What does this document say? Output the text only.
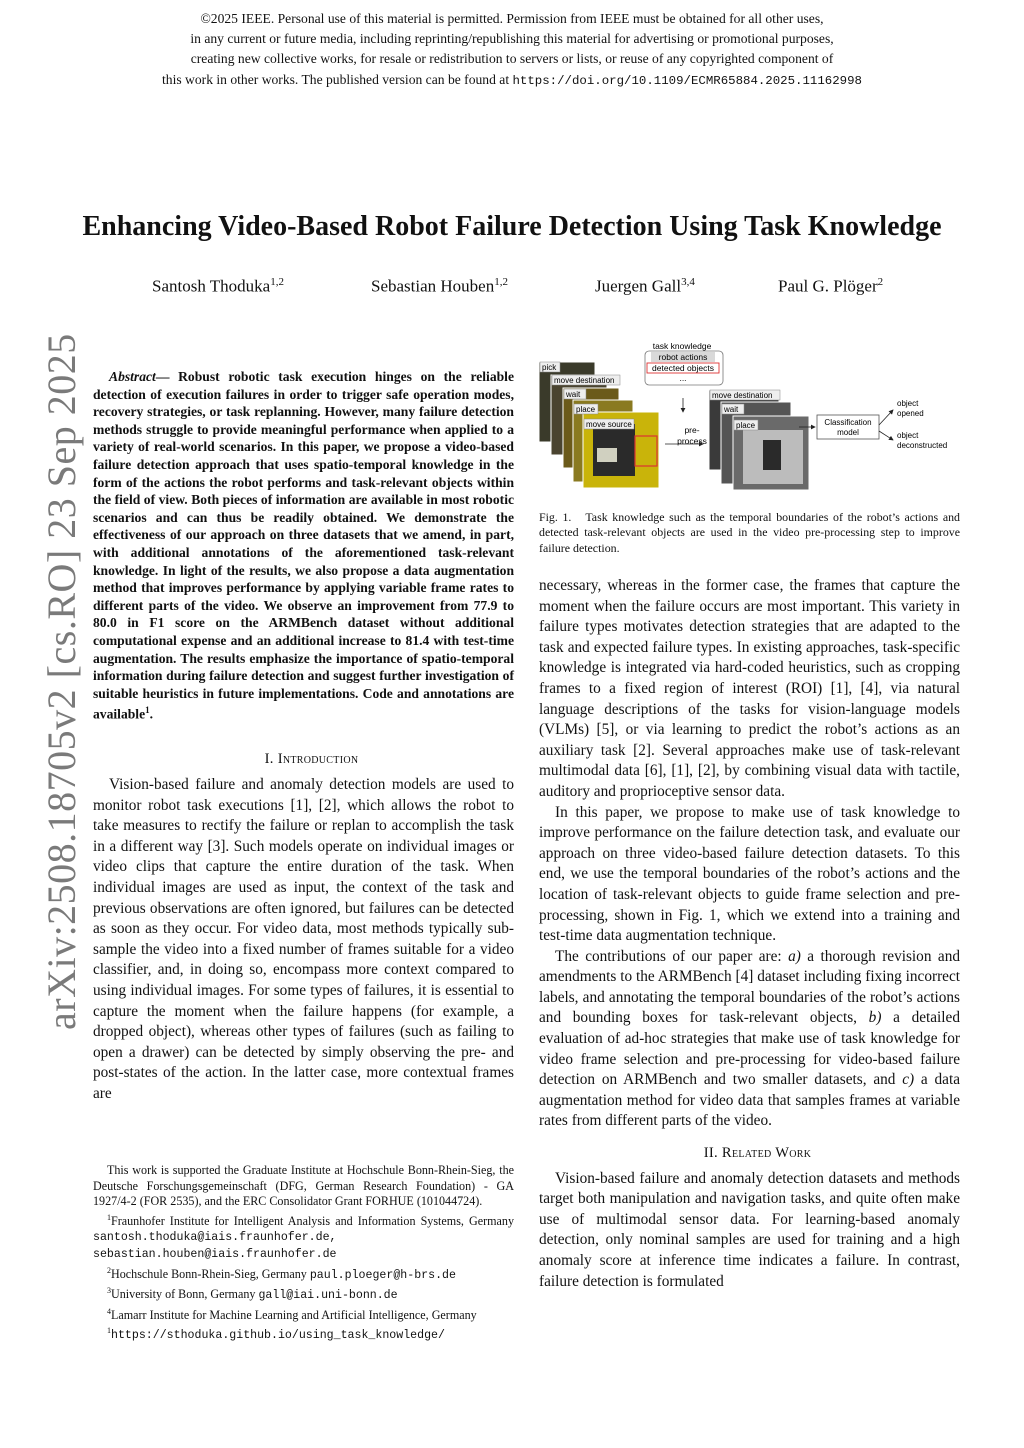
©2025 IEEE. Personal use of this material is permitted. Permission from IEEE must be obtained for all other uses,
in any current or future media, including reprinting/republishing this material for advertising or promotional purposes,
creating new collective works, for resale or redistribution to servers or lists, or reuse of any copyrighted component of
this work in other works. The published version can be found at https://doi.org/10.1109/ECMR65884.2025.11162998
arXiv:2508.18705v2 [cs.RO] 23 Sep 2025
Enhancing Video-Based Robot Failure Detection Using Task Knowledge
Santosh Thoduka$^{1,2}$	Sebastian Houben$^{1,2}$	Juergen Gall$^{3,4}$	Paul G. Plöger$^2$

Abstract— Robust robotic task execution hinges on the reliable detection of execution failures in order to trigger safe operation modes, recovery strategies, or task replanning. However, many failure detection methods struggle to provide meaningful performance when applied to a variety of real-world scenarios. In this paper, we propose a video-based failure detection approach that uses spatio-temporal knowledge in the form of the actions the robot performs and task-relevant objects within the field of view. Both pieces of information are available in most robotic scenarios and can thus be readily obtained. We demonstrate the effectiveness of our approach on three datasets that we amend, in part, with additional annotations of the aforementioned task-relevant knowledge. In light of the results, we also propose a data augmentation method that improves performance by applying variable frame rates to different parts of the video. We observe an improvement from 77.9 to 80.0 in F1 score on the ARMBench dataset without additional computational expense and an additional increase to 81.4 with test-time augmentation. The results emphasize the importance of spatio-temporal information during failure detection and suggest further investigation of suitable heuristics in future implementations. Code and annotations are available$^1$.

I. Introduction

Vision-based failure and anomaly detection models are used to monitor robot task executions [1], [2], which allows the robot to take measures to rectify the failure or replan to accomplish the task in a different way [3]. Such models operate on individual images or video clips that capture the entire duration of the task. When individual images are used as input, the context of the task and previous observations are often ignored, but failures can be detected as soon as they occur. For video data, most methods typically sub-sample the video into a fixed number of frames suitable for a video classifier, and, in doing so, encompass more context compared to using individual images. For some types of failures, it is essential to capture the moment when the failure happens (for example, a dropped object), whereas other types of failures (such as failing to open a drawer) can be detected by simply observing the pre- and post-states of the action. In the latter case, more contextual frames are

This work is supported the Graduate Institute at Hochschule Bonn-Rhein-Sieg, the Deutsche Forschungsgemeinschaft (DFG, German Research Foundation) - GA 1927/4-2 (FOR 2535), and the ERC Consolidator Grant FORHUE (101044724).

$^1$Fraunhofer Institute for Intelligent Analysis and Information Systems, Germany santosh.thoduka@iais.fraunhofer.de, sebastian.houben@iais.fraunhofer.de

$^2$Hochschule Bonn-Rhein-Sieg, Germany paul.ploeger@h-brs.de

$^3$University of Bonn, Germany gall@iai.uni-bonn.de

$^4$Lamarr Institute for Machine Learning and Artificial Intelligence, Germany

$^1$https://sthoduka.github.io/using_task_knowledge/

task knowledge
robot actions
detected objects
...
pick
move destination
wait
place
move source
pre-
process
move destination
wait
place	Classification
model
object
opened
object
deconstructed

Fig. 1. Task knowledge such as the temporal boundaries of the robot’s actions and detected task-relevant objects are used in the video pre-processing step to improve failure detection.

necessary, whereas in the former case, the frames that capture the moment when the failure occurs are most important. This variety in failure types motivates detection strategies that are adapted to the task and expected failure types. In existing approaches, task-specific knowledge is integrated via hard-coded heuristics, such as cropping frames to a fixed region of interest (ROI) [1], [4], via natural language descriptions of the tasks for vision-language models (VLMs) [5], or via learning to predict the robot’s actions as an auxiliary task [2]. Several approaches make use of task-relevant multimodal data [6], [1], [2], by combining visual data with tactile, auditory and proprioceptive sensor data.

In this paper, we propose to make use of task knowledge to improve performance on the failure detection task, and evaluate our approach on three video-based failure detection datasets. To this end, we use the temporal boundaries of the robot’s actions and the location of task-relevant objects to guide frame selection and pre-processing, shown in Fig. 1, which we extend into a training and test-time data augmentation technique.

The contributions of our paper are: a) a thorough revision and amendments to the ARMBench [4] dataset including fixing incorrect labels, and annotating the temporal boundaries of the robot’s actions and bounding boxes for task-relevant objects, b) a detailed evaluation of ad-hoc strategies that make use of task knowledge for video frame selection and pre-processing for video-based failure detection on ARMBench and two smaller datasets, and c) a data augmentation method for video data that samples frames at variable rates from different parts of the video.

II. Related Work

Vision-based failure and anomaly detection datasets and methods target both manipulation and navigation tasks, and quite often make use of multimodal sensor data. For learning-based anomaly detection, only nominal samples are used for training and a high anomaly score at inference time indicates a failure. In contrast, failure detection is formulated
